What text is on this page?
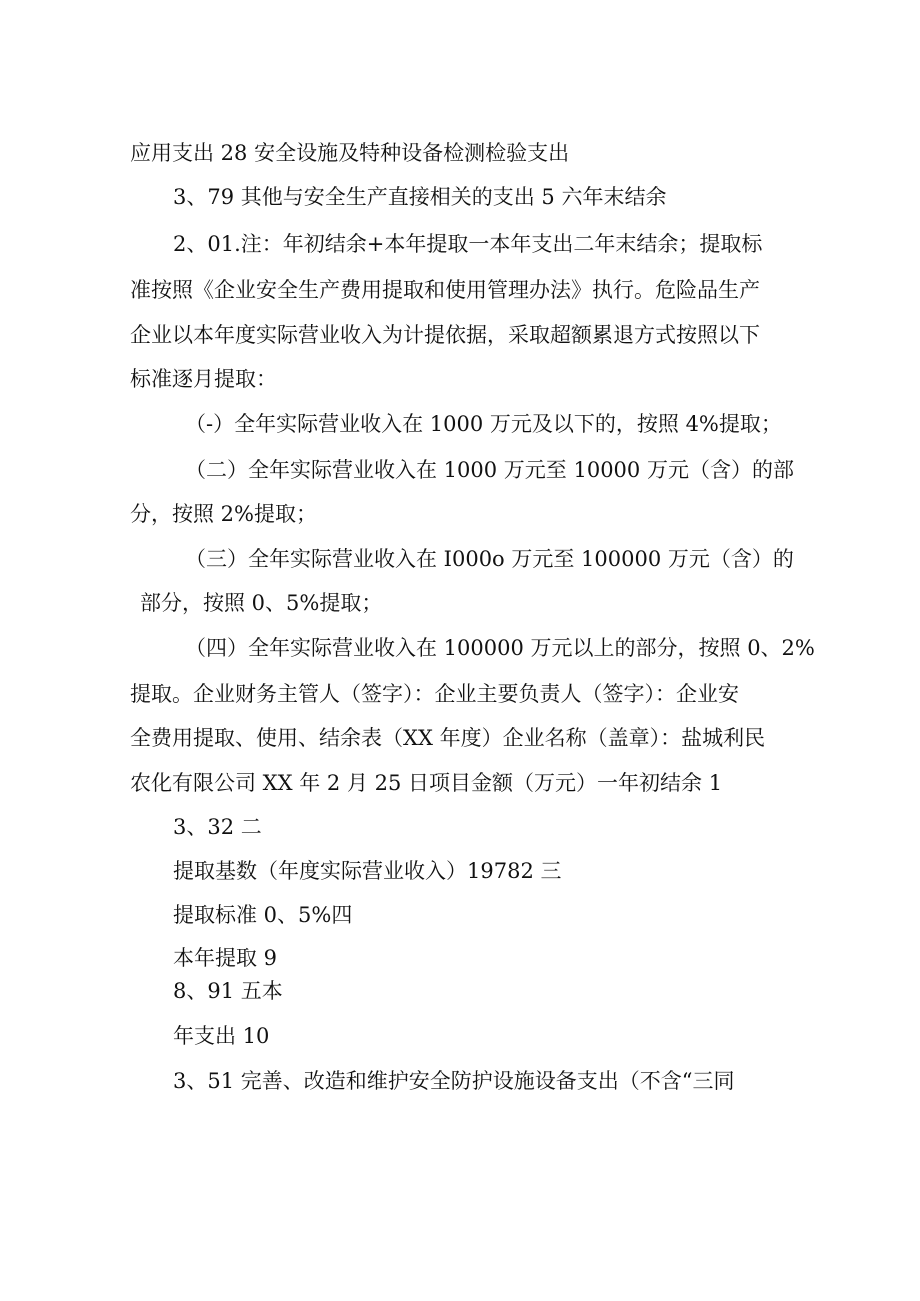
应用支出 28 安全设施及特种设备检测检验支出
3、79 其他与安全生产直接相关的支出 5 六年末结余
2、01.注：年初结余+本年提取一本年支出二年末结余；提取标
准按照《企业安全生产费用提取和使用管理办法》执行。危险品生产
企业以本年度实际营业收入为计提依据，采取超额累退方式按照以下
标准逐月提取：
（-）全年实际营业收入在 1000 万元及以下的，按照 4%提取；
（二）全年实际营业收入在 1000 万元至 10000 万元（含）的部
分，按照 2%提取；
（三）全年实际营业收入在 I000o 万元至 100000 万元（含）的
部分，按照 0、5%提取；
（四）全年实际营业收入在 100000 万元以上的部分，按照 0、2%
提取。企业财务主管人（签字）：企业主要负责人（签字）：企业安
全费用提取、使用、结余表（XX 年度）企业名称（盖章）：盐城利民
农化有限公司 XX 年 2 月 25 日项目金额（万元）一年初结余 1
3、32 二
提取基数（年度实际营业收入）19782 三
提取标准 0、5%四
本年提取 9
8、91 五本
年支出 10
3、51 完善、改造和维护安全防护设施设备支出（不含“三同
